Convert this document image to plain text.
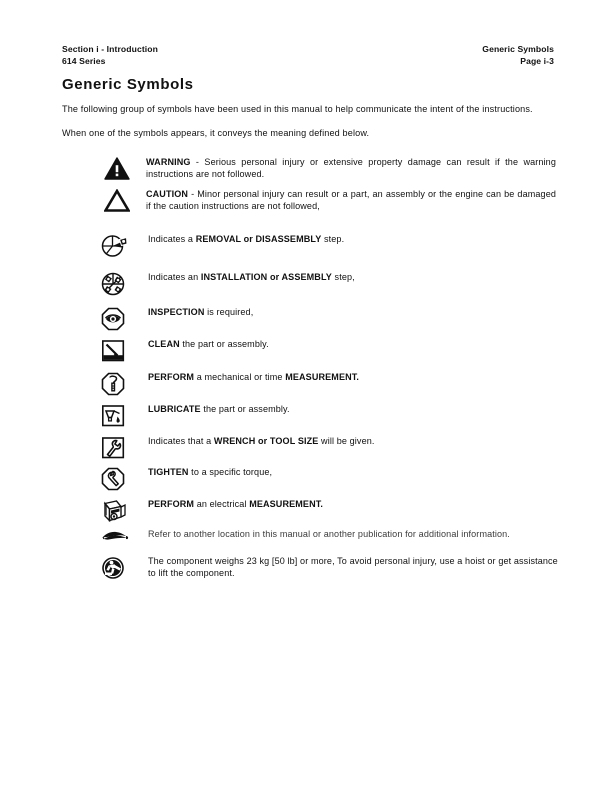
Section i - Introduction
614 Series
Generic Symbols
Page i-3
Generic Symbols
The following group of symbols have been used in this manual to help communicate the intent of the instructions.
When one of the symbols appears, it conveys the meaning defined below.
WARNING - Serious personal injury or extensive property damage can result if the warning instructions are not followed.
CAUTION - Minor personal injury can result or a part, an assembly or the engine can be damaged if the caution instructions are not followed,
Indicates a REMOVAL or DISASSEMBLY step.
Indicates an INSTALLATION or ASSEMBLY step,
INSPECTION is required,
CLEAN the part or assembly.
PERFORM a mechanical or time MEASUREMENT.
LUBRICATE the part or assembly.
Indicates that a WRENCH or TOOL SIZE will be given.
TIGHTEN to a specific torque,
PERFORM an electrical MEASUREMENT.
Refer to another location in this manual or another publication for additional information.
The component weighs 23 kg [50 lb] or more, To avoid personal injury, use a hoist or get assistance to lift the component.
